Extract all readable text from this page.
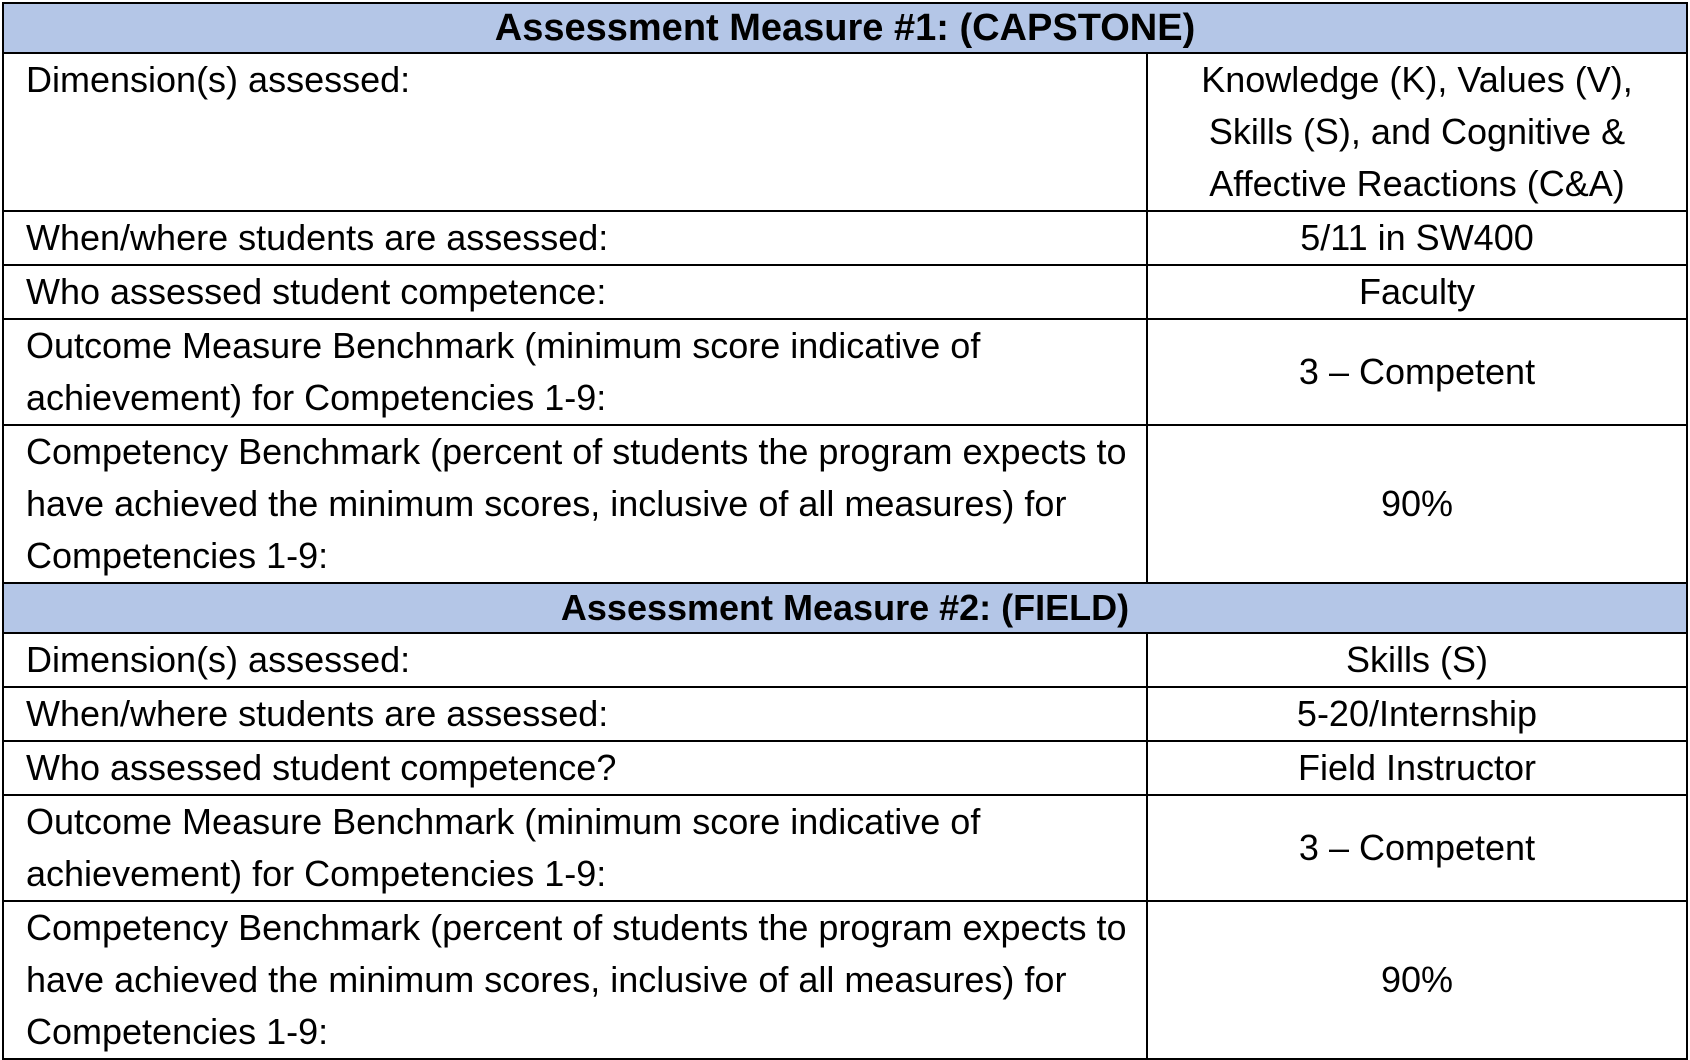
Assessment Measure #1: (CAPSTONE)	
Dimension(s) assessed:	Knowledge (K), Values (V), Skills (S), and Cognitive & Affective Reactions (C&A)
When/where students are assessed:	5/11 in SW400
Who assessed student competence:	Faculty
Outcome Measure Benchmark (minimum score indicative of achievement) for Competencies 1-9:	3 – Competent
Competency Benchmark (percent of students the program expects to have achieved the minimum scores, inclusive of all measures) for Competencies 1-9:	90%
Assessment Measure #2: (FIELD)	
Dimension(s) assessed:	Skills (S)
When/where students are assessed:	5-20/Internship
Who assessed student competence?	Field Instructor
Outcome Measure Benchmark (minimum score indicative of achievement) for Competencies 1-9:	3 – Competent
Competency Benchmark (percent of students the program expects to have achieved the minimum scores, inclusive of all measures) for Competencies 1-9:	90%
